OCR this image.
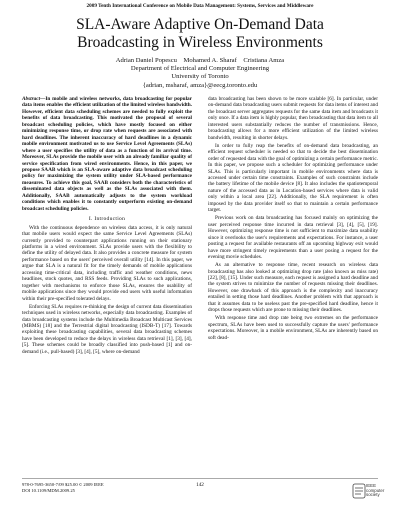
2009 Tenth International Conference on Mobile Data Management: Systems, Services and Middleware
SLA-Aware Adaptive On-Demand Data
Broadcasting in Wireless Environments
Adrian Daniel Popescu    Mohamed A. Sharaf    Cristiana Amza
Department of Electrical and Computer Engineering
University of Toronto
{adrian, msharaf, amza}@eecg.toronto.edu

Abstract—In mobile and wireless networks, data broadcasting for popular data items enables the efficient utilization of the limited wireless bandwidth. However, efficient data scheduling schemes are needed to fully exploit the benefits of data broadcasting. This motivated the proposal of several broadcast scheduling policies, which have mostly focused on either minimizing response time, or drop rate when requests are associated with hard deadlines. The inherent inaccuracy of hard deadlines in a dynamic mobile environment motivated us to use Service Level Agreements (SLAs) where a user specifies the utility of data as a function of its arrival time. Moreover, SLAs provide the mobile user with an already familiar quality of service specification from wired environments. Hence, in this paper, we propose SAAB which is an SLA-aware adaptive data broadcast scheduling policy for maximizing the system utility under SLA-based performance measures. To achieve this goal, SAAB considers both the characteristics of disseminated data objects as well as the SLAs associated with them. Additionally, SAAB automatically adjusts to the system workload conditions which enables it to constantly outperform existing on-demand broadcast scheduling policies.

I. Introduction

With the continuous dependence on wireless data access, it is only natural that mobile users would expect the same Service Level Agreements (SLAs) currently provided to counterpart applications running on their stationary platforms in a wired environment. SLAs provide users with the flexibility to define the utility of delayed data. It also provides a concrete measure for system performance based on the users' perceived overall utility [14]. In this paper, we argue that SLA is a natural fit for the timely demands of mobile applications accessing time-critical data, including traffic and weather conditions, news headlines, stock quotes, and RSS feeds. Providing SLAs to such applications, together with mechanisms to enforce those SLAs, ensures the usability of mobile applications since they would provide end users with useful information within their pre-specified tolerated delays.

Enforcing SLAs requires re-thinking the design of current data dissemination techniques used in wireless networks, especially data broadcasting. Examples of data broadcasting systems include the Multimedia Broadcast Multicast Services (MBMS) [18] and the Terrestrial digital broadcasting (ISDB-T) [17]. Towards exploiting these broadcasting capabilities, several data broadcasting schemes have been developed to reduce the delays in wireless data retrieval [1], [3], [4], [5]. These schemes could be broadly classified into push-based [1] and on-demand (i.e., pull-based) [3], [4], [5], where on-demand

data broadcasting has been shown to be more scalable [6]. In particular, under on-demand data broadcasting users submit requests for data items of interest and the broadcast server aggregates requests for the same data item and broadcasts it only once. If a data item is highly popular, then broadcasting that data item to all interested users substantially reduces the number of transmissions. Hence, broadcasting allows for a more efficient utilization of the limited wireless bandwidth, resulting in shorter delays.

In order to fully reap the benefits of on-demand data broadcasting, an efficient request scheduler is needed so that to decide the best dissemination order of requested data with the goal of optimizing a certain performance metric. In this paper, we propose such a scheduler for optimizing performance under SLAs. This is particularly important in mobile environments where data is accessed under certain time constraints. Examples of such constraints include the battery lifetime of the mobile device [8]. It also includes the spatiotemporal nature of the accessed data as in Location-based services where data is valid only within a local area [22]. Additionally, the SLA requirement is often imposed by the data provider itself so that to maintain a certain performance target.

Previous work on data broadcasting has focused mainly on optimizing the user perceived response time incurred in data retrieval [3], [4], [5], [19]. However, optimizing response time is not sufficient to maximize data usability since it overlooks the user's requirements and expectations. For instance, a user posting a request for available restaurants off an upcoming highway exit would have more stringent timely requirements than a user posing a request for the evening movie schedules.

As an alternative to response time, recent research on wireless data broadcasting has also looked at optimizing drop rate (also known as miss rate) [22], [8], [15]. Under such measure, each request is assigned a hard deadline and the system strives to minimize the number of requests missing their deadlines. However, one drawback of this approach is the complexity and inaccuracy entailed in setting those hard deadlines. Another problem with that approach is that it assumes data to be useless past the pre-specified hard deadline, hence it drops those requests which are prone to missing their deadlines.

With response time and drop rate being two extremes on the performance spectrum, SLAs have been used to successfully capture the users' performance expectations. Moreover, in a mobile environment, SLAs are inherently based on soft dead-

978-0-7695-3650-7/09 $25.00 © 2009 IEEE
DOI 10.1109/MDM.2009.25
142	IEEE
computer
society
